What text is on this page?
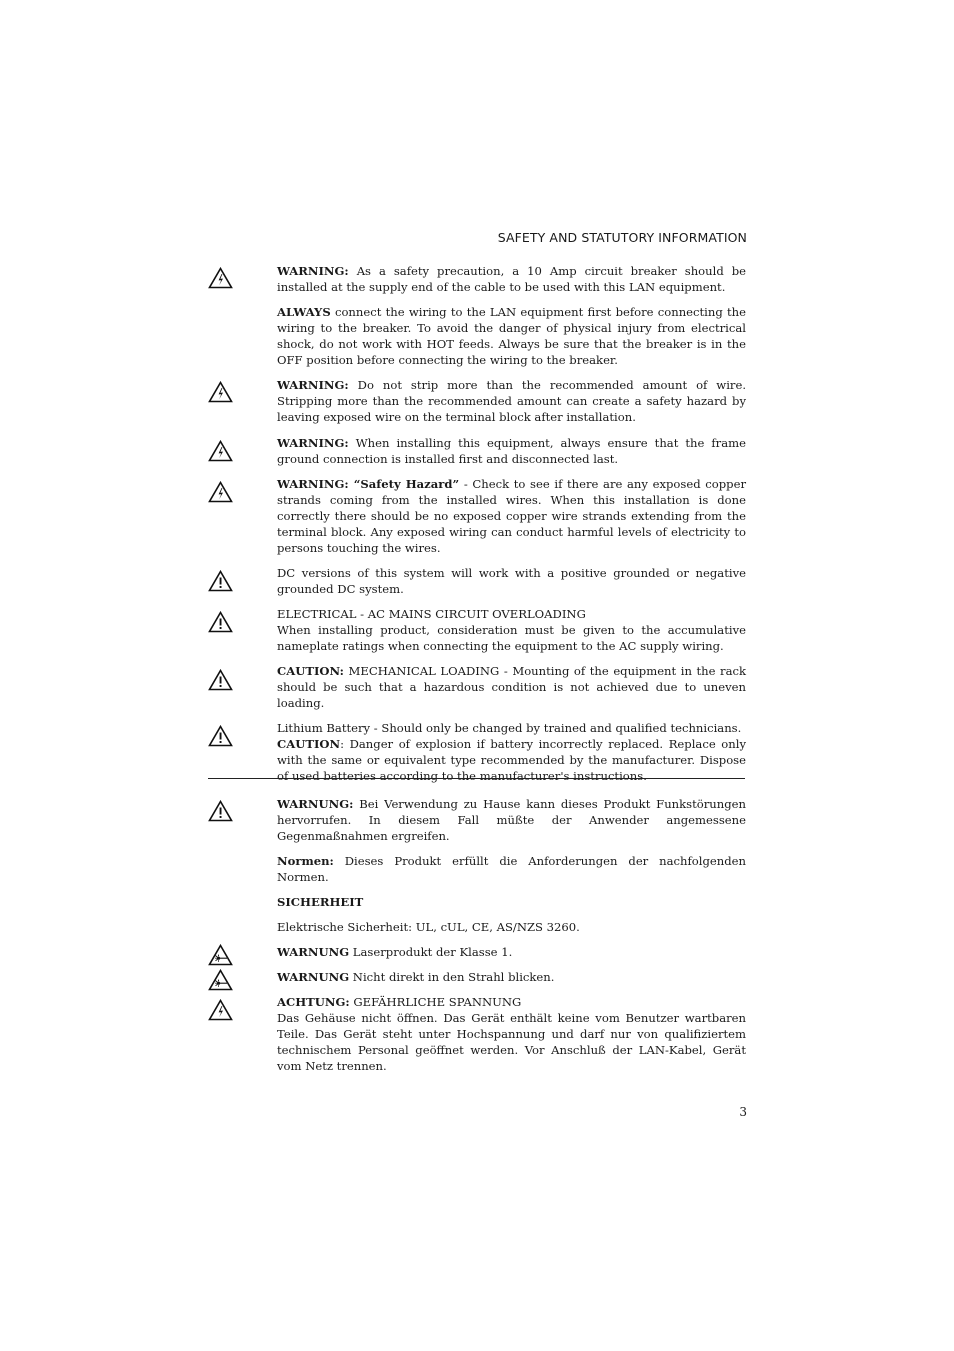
SAFETY AND STATUTORY INFORMATION
WARNING: As a safety precaution, a 10 Amp circuit breaker should be installed at the supply end of the cable to be used with this LAN equipment.
ALWAYS connect the wiring to the LAN equipment first before connecting the wiring to the breaker. To avoid the danger of physical injury from electrical shock, do not work with HOT feeds. Always be sure that the breaker is in the OFF position before connecting the wiring to the breaker.
WARNING: Do not strip more than the recommended amount of wire. Stripping more than the recommended amount can create a safety hazard by leaving exposed wire on the terminal block after installation.
WARNING: When installing this equipment, always ensure that the frame ground connection is installed first and disconnected last.
WARNING: “Safety Hazard” - Check to see if there are any exposed copper strands coming from the installed wires. When this installation is done correctly there should be no exposed copper wire strands extending from the terminal block. Any exposed wiring can conduct harmful levels of electricity to persons touching the wires.
DC versions of this system will work with a positive grounded or negative grounded DC system.
ELECTRICAL - AC MAINS CIRCUIT OVERLOADING
When installing product, consideration must be given to the accumulative nameplate ratings when connecting the equipment to the AC supply wiring.
CAUTION: MECHANICAL LOADING - Mounting of the equipment in the rack should be such that a hazardous condition is not achieved due to uneven loading.
Lithium Battery - Should only be changed by trained and qualified technicians.
CAUTION: Danger of explosion if battery incorrectly replaced. Replace only with the same or equivalent type recommended by the manufacturer. Dispose of used batteries according to the manufacturer's instructions.
WARNUNG: Bei Verwendung zu Hause kann dieses Produkt Funkstörungen hervorrufen. In diesem Fall müßte der Anwender angemessene Gegenmaßnahmen ergreifen.
Normen: Dieses Produkt erfüllt die Anforderungen der nachfolgenden Normen.
SICHERHEIT
Elektrische Sicherheit: UL, cUL, CE, AS/NZS 3260.
WARNUNG Laserprodukt der Klasse 1.
WARNUNG Nicht direkt in den Strahl blicken.
ACHTUNG: GEFÄHRLICHE SPANNUNG
Das Gehäuse nicht öffnen. Das Gerät enthält keine vom Benutzer wartbaren Teile. Das Gerät steht unter Hochspannung und darf nur von qualifiziertem technischem Personal geöffnet werden. Vor Anschluß der LAN-Kabel, Gerät vom Netz trennen.
3
